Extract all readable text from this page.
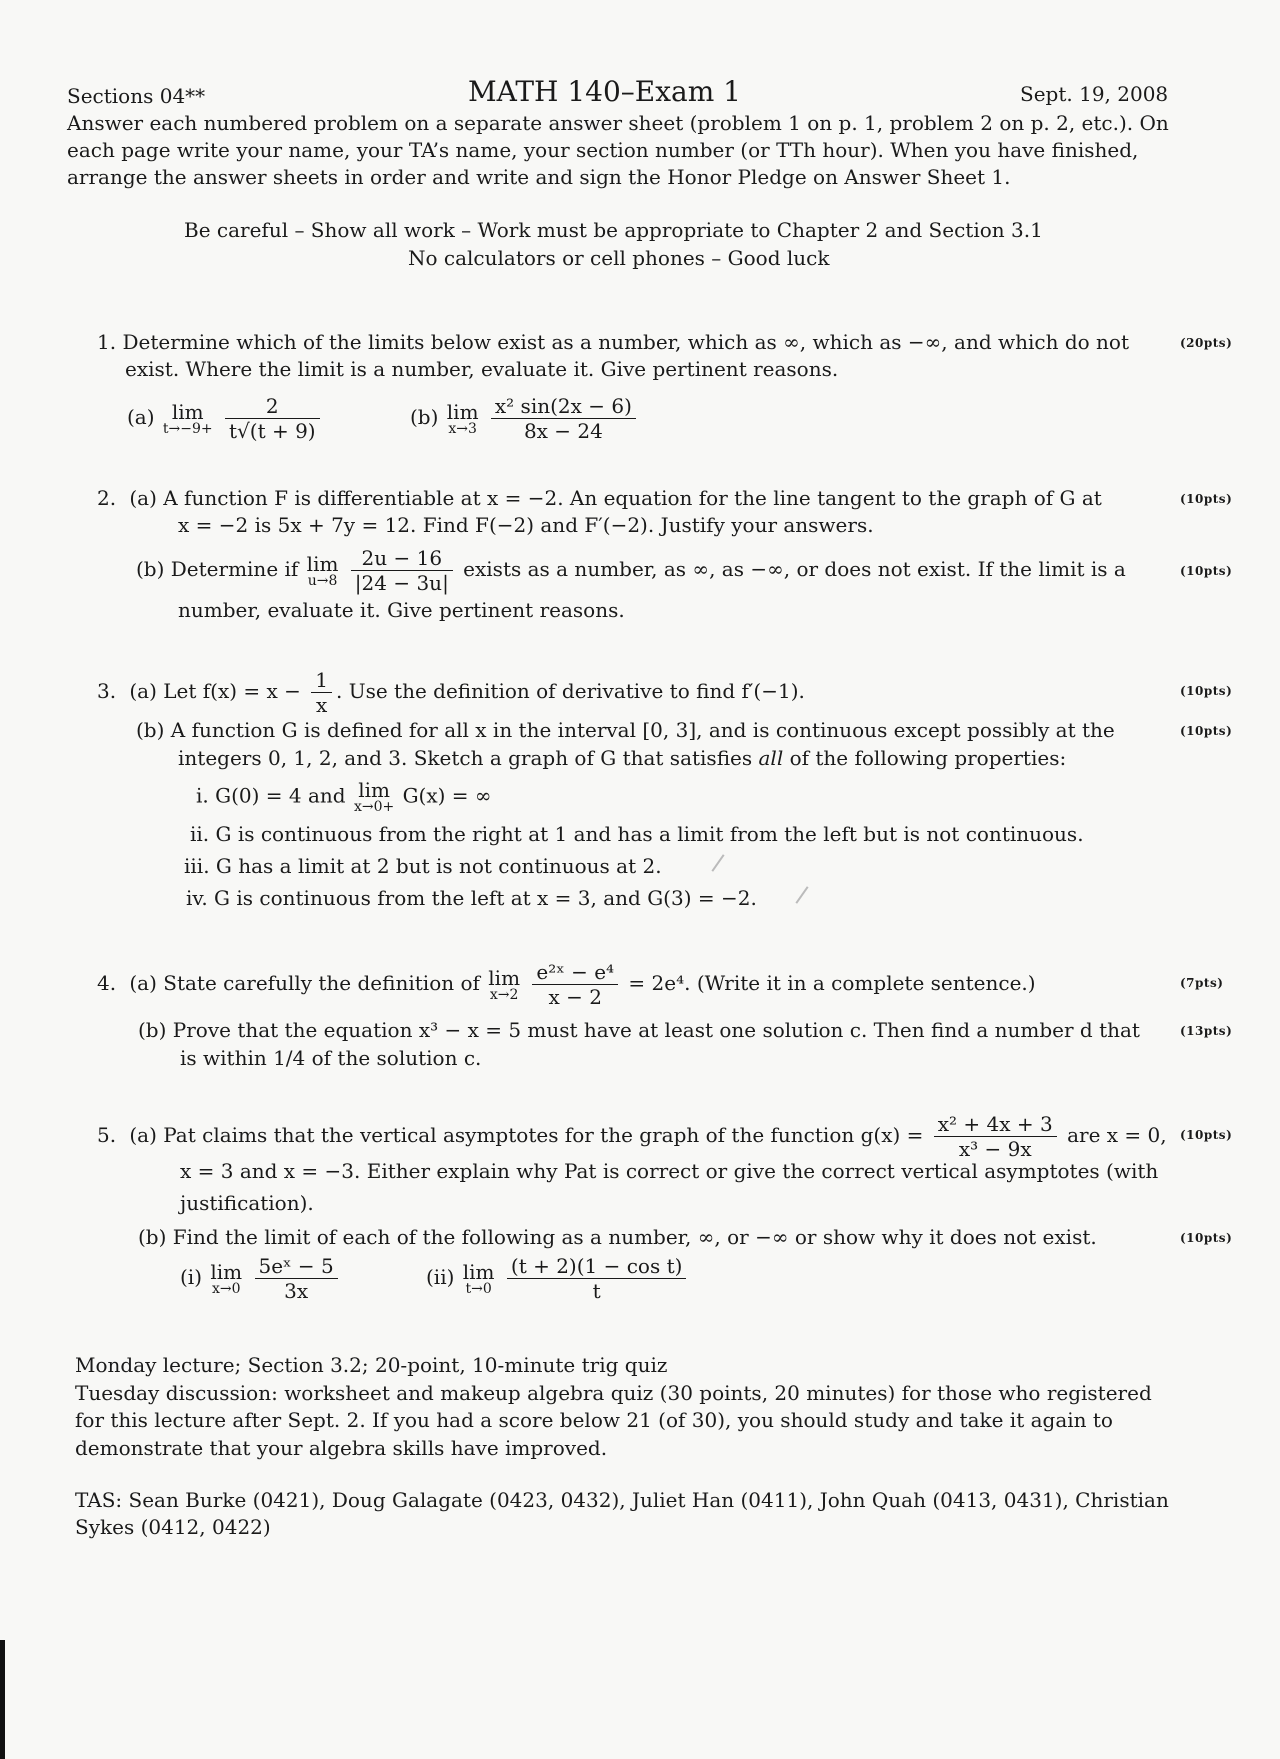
Sections 04**	MATH 140–Exam 1	Sept. 19, 2008
Answer each numbered problem on a separate answer sheet (problem 1 on p. 1, problem 2 on p. 2, etc.). On
each page write your name, your TA’s name, your section number (or TTh hour). When you have finished,
arrange the answer sheets in order and write and sign the Honor Pledge on Answer Sheet 1.
Be careful – Show all work – Work must be appropriate to Chapter 2 and Section 3.1
No calculators or cell phones – Good luck
1. Determine which of the limits below exist as a number, which as ∞, which as −∞, and which do not	(20pts)
exist. Where the limit is a number, evaluate it. Give pertinent reasons.
(a) lim
t→−9+
$\frac{2}{t√(t + 9)}$	(b) lim
x→3
$\frac{\text{x² sin(2x − 6)}}{8x - 24}$
2. (a) A function F is differentiable at x = −2. An equation for the line tangent to the graph of G at	(10pts)
x = −2 is 5x + 7y = 12. Find F(−2) and F′(−2). Justify your answers.
(b) Determine if lim
u→8
$\frac{2u - 16}{|24 - 3u|}$ exists as a number, as ∞, as −∞, or does not exist. If the limit is a	(10pts)
number, evaluate it. Give pertinent reasons.
3. (a) Let $f(x) = x - \frac{1}{x}$ . Use the definition of derivative to find f′(−1).	(10pts)
(b) A function G is defined for all x in the interval [0, 3], and is continuous except possibly at the	(10pts)
integers 0, 1, 2, and 3. Sketch a graph of G that satisfies all of the following properties:
i. G(0) = 4 and lim
x→0+ G(x) = ∞
ii. G is continuous from the right at 1 and has a limit from the left but is not continuous.
iii. G has a limit at 2 but is not continuous at 2.
iv. G is continuous from the left at x = 3, and G(3) = −2.
4. (a) State carefully the definition of lim
x→2
$\frac{\text{e²ˣ − e⁴}}{x - 2} = 2e^4$. (Write it in a complete sentence.)	(7pts)
(b) Prove that the equation x³ − x = 5 must have at least one solution c. Then find a number d that	(13pts)
is within 1/4 of the solution c.
5. (a) Pat claims that the vertical asymptotes for the graph of the function $g(x) = \frac{\text{x² + 4x + 3}}{\text{x³ − 9x}}$ are x = 0, (10pts)
x = 3 and x = −3. Either explain why Pat is correct or give the correct vertical asymptotes (with
justification).
(b) Find the limit of each of the following as a number, ∞, or −∞ or show why it does not exist.	(10pts)
(i) lim
x→0
$\frac{\text{5eˣ − 5}}{3x}$	(ii) lim
t→0
$\frac{\text{(t + 2)(1 − cos t)}}{t}$
Monday lecture; Section 3.2; 20-point, 10-minute trig quiz
Tuesday discussion: worksheet and makeup algebra quiz (30 points, 20 minutes) for those who registered
for this lecture after Sept. 2. If you had a score below 21 (of 30), you should study and take it again to
demonstrate that your algebra skills have improved.
TAS: Sean Burke (0421), Doug Galagate (0423, 0432), Juliet Han (0411), John Quah (0413, 0431), Christian
Sykes (0412, 0422)
